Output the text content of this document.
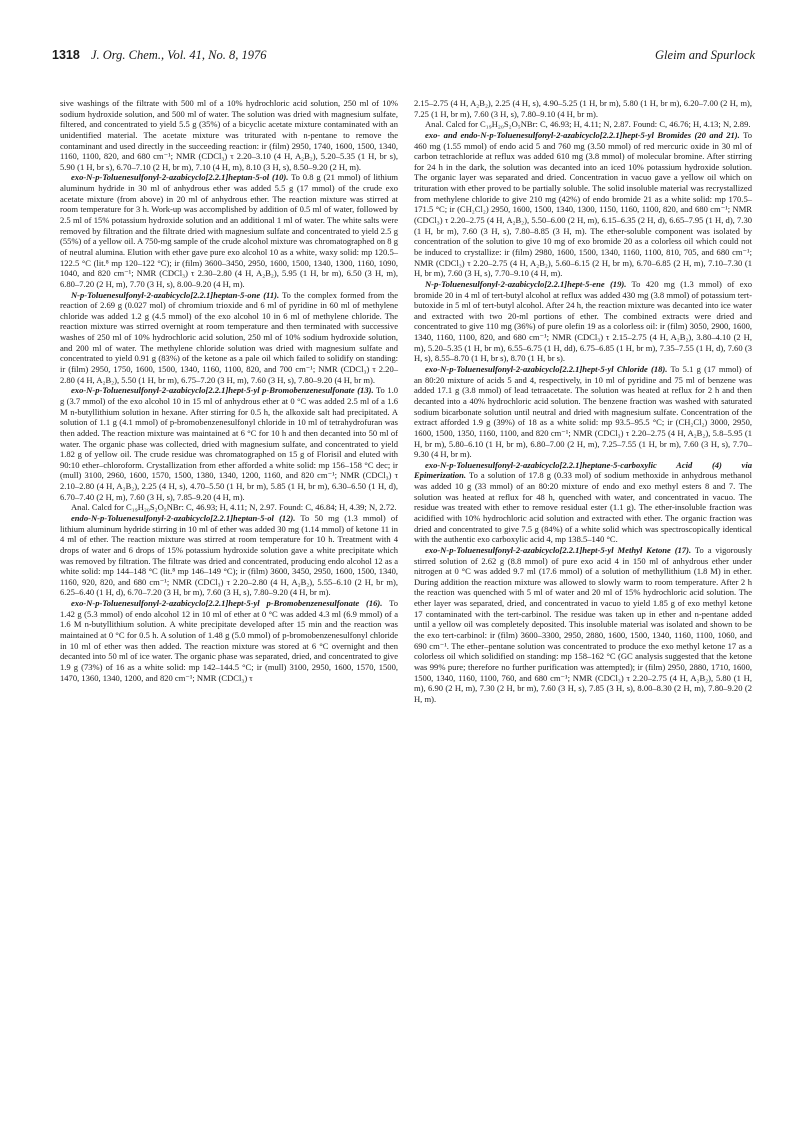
1318 J. Org. Chem., Vol. 41, No. 8, 1976	Gleim and Spurlock

sive washings of the filtrate with 500 ml of a 10% hydrochloric acid solution, 250 ml of 10% sodium hydroxide solution, and 500 ml of water. The solution was dried with magnesium sulfate, filtered, and concentrated to yield 5.5 g (35%) of a bicyclic acetate mixture contaminated with an unidentified material. The acetate mixture was triturated with n-pentane to remove the contaminant and used directly in the succeeding reaction: ir (film) 2950, 1740, 1600, 1500, 1340, 1160, 1100, 820, and 680 cm⁻¹; NMR (CDCl₃) τ 2.20–3.10 (4 H, A₂B₂), 5.20–5.35 (1 H, br s), 5.90 (1 H, br s), 6.70–7.10 (2 H, br m), 7.10 (4 H, m), 8.10 (3 H, s), 8.50–9.20 (2 H, m).

exo-N-p-Toluenesulfonyl-2-azabicyclo[2.2.1]heptan-5-ol (10). To 0.8 g (21 mmol) of lithium aluminum hydride in 30 ml of anhydrous ether was added 5.5 g (17 mmol) of the crude exo acetate mixture (from above) in 20 ml of anhydrous ether. The reaction mixture was stirred at room temperature for 3 h. Work-up was accomplished by addition of 0.5 ml of water, followed by 2.5 ml of 15% potassium hydroxide solution and an additional 1 ml of water. The white salts were removed by filtration and the filtrate dried with magnesium sulfate and concentrated to yield 2.5 g (55%) of a yellow oil. A 750-mg sample of the crude alcohol mixture was chromatographed on 8 g of neutral alumina. Elution with ether gave pure exo alcohol 10 as a white, waxy solid: mp 120.5–122.5 °C (lit.⁸ mp 120–122 °C); ir (film) 3600–3450, 2950, 1600, 1500, 1340, 1300, 1160, 1090, 1040, and 820 cm⁻¹; NMR (CDCl₃) τ 2.30–2.80 (4 H, A₂B₂), 5.95 (1 H, br m), 6.50 (3 H, m), 6.80–7.20 (2 H, m), 7.70 (3 H, s), 8.00–9.20 (4 H, m).

N-p-Toluenesulfonyl-2-azabicyclo[2.2.1]heptan-5-one (11). To the complex formed from the reaction of 2.69 g (0.027 mol) of chromium trioxide and 6 ml of pyridine in 60 ml of methylene chloride was added 1.2 g (4.5 mmol) of the exo alcohol 10 in 6 ml of methylene chloride. The reaction mixture was stirred overnight at room temperature and then terminated with successive washes of 250 ml of 10% hydrochloric acid solution, 250 ml of 10% sodium hydroxide solution, and 200 ml of water. The methylene chloride solution was dried with magnesium sulfate and concentrated to yield 0.91 g (83%) of the ketone as a pale oil which failed to solidify on standing: ir (film) 2950, 1750, 1600, 1500, 1340, 1160, 1100, 820, and 700 cm⁻¹; NMR (CDCl₃) τ 2.20–2.80 (4 H, A₂B₂), 5.50 (1 H, br m), 6.75–7.20 (3 H, m), 7.60 (3 H, s), 7.80–9.20 (4 H, br m).

exo-N-p-Toluenesulfonyl-2-azabicyclo[2.2.1]hept-5-yl p-Bromobenzenesulfonate (13). To 1.0 g (3.7 mmol) of the exo alcohol 10 in 15 ml of anhydrous ether at 0 °C was added 2.5 ml of a 1.6 M n-butyllithium solution in hexane. After stirring for 0.5 h, the alkoxide salt had precipitated. A solution of 1.1 g (4.1 mmol) of p-bromobenzenesulfonyl chloride in 10 ml of tetrahydrofuran was then added. The reaction mixture was maintained at 6 °C for 10 h and then decanted into 50 ml of water. The organic phase was collected, dried with magnesium sulfate, and concentrated to yield 1.82 g of yellow oil. The crude residue was chromatographed on 15 g of Florisil and eluted with 90:10 ether–chloroform. Crystallization from ether afforded a white solid: mp 156–158 °C dec; ir (mull) 3100, 2960, 1600, 1570, 1500, 1380, 1340, 1200, 1160, and 820 cm⁻¹; NMR (CDCl₃) τ 2.10–2.80 (4 H, A₂B₂), 2.25 (4 H, s), 4.70–5.50 (1 H, br m), 5.85 (1 H, br m), 6.30–6.50 (1 H, d), 6.70–7.40 (2 H, m), 7.60 (3 H, s), 7.85–9.20 (4 H, m).

Anal. Calcd for C₁₉H₂₀S₂O₅NBr: C, 46.93; H, 4.11; N, 2.97. Found: C, 46.84; H, 4.39; N, 2.72.

endo-N-p-Toluenesulfonyl-2-azabicyclo[2.2.1]heptan-5-ol (12). To 50 mg (1.3 mmol) of lithium aluminum hydride stirring in 10 ml of ether was added 30 mg (1.14 mmol) of ketone 11 in 4 ml of ether. The reaction mixture was stirred at room temperature for 10 h. Treatment with 4 drops of water and 6 drops of 15% potassium hydroxide solution gave a white precipitate which was removed by filtration. The filtrate was dried and concentrated, producing endo alcohol 12 as a white solid: mp 144–148 °C (lit.⁸ mp 146–149 °C); ir (film) 3600, 3450, 2950, 1600, 1500, 1340, 1160, 920, 820, and 680 cm⁻¹; NMR (CDCl₃) τ 2.20–2.80 (4 H, A₂B₂), 5.55–6.10 (2 H, br m), 6.25–6.40 (1 H, d), 6.70–7.20 (3 H, br m), 7.60 (3 H, s), 7.80–9.20 (4 H, br m).

exo-N-p-Toluenesulfonyl-2-azabicyclo[2.2.1]hept-5-yl p-Bromobenzenesulfonate (16). To 1.42 g (5.3 mmol) of endo alcohol 12 in 10 ml of ether at 0 °C was added 4.3 ml (6.9 mmol) of a 1.6 M n-butyllithium solution. A white precipitate developed after 15 min and the reaction was maintained at 0 °C for 0.5 h. A solution of 1.48 g (5.0 mmol) of p-bromobenzenesulfonyl chloride in 10 ml of ether was then added. The reaction mixture was stored at 6 °C overnight and then decanted into 50 ml of ice water. The organic phase was separated, dried, and concentrated to give 1.9 g (73%) of 16 as a white solid: mp 142–144.5 °C; ir (mull) 3100, 2950, 1600, 1570, 1500, 1470, 1360, 1340, 1200, and 820 cm⁻¹; NMR (CDCl₃) τ

2.15–2.75 (4 H, A₂B₂), 2.25 (4 H, s), 4.90–5.25 (1 H, br m), 5.80 (1 H, br m), 6.20–7.00 (2 H, m), 7.25 (1 H, br m), 7.60 (3 H, s), 7.80–9.10 (4 H, br m).

Anal. Calcd for C₁₉H₂₀S₂O₅NBr: C, 46.93; H, 4.11; N, 2.87. Found: C, 46.76; H, 4.13; N, 2.89.

exo- and endo-N-p-Toluenesulfonyl-2-azabicyclo[2.2.1]hept-5-yl Bromides (20 and 21). To 460 mg (1.55 mmol) of endo acid 5 and 760 mg (3.50 mmol) of red mercuric oxide in 30 ml of carbon tetrachloride at reflux was added 610 mg (3.8 mmol) of molecular bromine. After stirring for 24 h in the dark, the solution was decanted into an iced 10% potassium hydroxide solution. The organic layer was separated and dried. Concentration in vacuo gave a yellow oil which on trituration with ether proved to be partially soluble. The solid insoluble material was recrystallized from methylene chloride to give 210 mg (42%) of endo bromide 21 as a white solid: mp 170.5–171.5 °C; ir (CH₂Cl₂) 2950, 1600, 1500, 1340, 1300, 1150, 1160, 1100, 820, and 680 cm⁻¹; NMR (CDCl₃) τ 2.20–2.75 (4 H, A₂B₂), 5.50–6.00 (2 H, m), 6.15–6.35 (2 H, d), 6.65–7.95 (1 H, d), 7.30 (1 H, br m), 7.60 (3 H, s), 7.80–8.85 (3 H, m). The ether-soluble component was isolated by concentration of the solution to give 10 mg of exo bromide 20 as a colorless oil which could not be induced to crystallize: ir (film) 2980, 1600, 1500, 1340, 1160, 1100, 810, 705, and 680 cm⁻¹; NMR (CDCl₃) τ 2.20–2.75 (4 H, A₂B₂), 5.60–6.15 (2 H, br m), 6.70–6.85 (2 H, m), 7.10–7.30 (1 H, br m), 7.60 (3 H, s), 7.70–9.10 (4 H, m).

N-p-Toluenesulfonyl-2-azabicyclo[2.2.1]hept-5-ene (19). To 420 mg (1.3 mmol) of exo bromide 20 in 4 ml of tert-butyl alcohol at reflux was added 430 mg (3.8 mmol) of potassium tert-butoxide in 5 ml of tert-butyl alcohol. After 24 h, the reaction mixture was decanted into ice water and extracted with two 20-ml portions of ether. The combined extracts were dried and concentrated to give 110 mg (36%) of pure olefin 19 as a colorless oil: ir (film) 3050, 2900, 1600, 1340, 1160, 1100, 820, and 680 cm⁻¹; NMR (CDCl₃) τ 2.15–2.75 (4 H, A₂B₂), 3.80–4.10 (2 H, m), 5.20–5.35 (1 H, br m), 6.55–6.75 (1 H, dd), 6.75–6.85 (1 H, br m), 7.35–7.55 (1 H, d), 7.60 (3 H, s), 8.55–8.70 (1 H, br s), 8.70 (1 H, br s).

exo-N-p-Toluenesulfonyl-2-azabicyclo[2.2.1]hept-5-yl Chloride (18). To 5.1 g (17 mmol) of an 80:20 mixture of acids 5 and 4, respectively, in 10 ml of pyridine and 75 ml of benzene was added 17.1 g (3.8 mmol) of lead tetraacetate. The solution was heated at reflux for 2 h and then decanted into a 40% hydrochloric acid solution. The benzene fraction was washed with saturated sodium bicarbonate solution until neutral and dried with magnesium sulfate. Concentration of the extract afforded 1.9 g (39%) of 18 as a white solid: mp 93.5–95.5 °C; ir (CH₂Cl₂) 3000, 2950, 1600, 1500, 1350, 1160, 1100, and 820 cm⁻¹; NMR (CDCl₃) τ 2.20–2.75 (4 H, A₂B₂), 5.8–5.95 (1 H, br m), 5.80–6.10 (1 H, br m), 6.80–7.00 (2 H, m), 7.25–7.55 (1 H, br m), 7.60 (3 H, s), 7.70–9.30 (4 H, br m).

exo-N-p-Toluenesulfonyl-2-azabicyclo[2.2.1]heptane-5-carboxylic Acid (4) via Epimerization. To a solution of 17.8 g (0.33 mol) of sodium methoxide in anhydrous methanol was added 10 g (33 mmol) of an 80:20 mixture of endo and exo methyl esters 8 and 7. The solution was heated at reflux for 48 h, quenched with water, and concentrated in vacuo. The residue was treated with ether to remove residual ester (1.1 g). The ether-insoluble fraction was acidified with 10% hydrochloric acid solution and extracted with ether. The organic fraction was dried and concentrated to give 7.5 g (84%) of a white solid which was spectroscopically identical with the authentic exo carboxylic acid 4, mp 138.5–140 °C.

exo-N-p-Toluenesulfonyl-2-azabicyclo[2.2.1]hept-5-yl Methyl Ketone (17). To a vigorously stirred solution of 2.62 g (8.8 mmol) of pure exo acid 4 in 150 ml of anhydrous ether under nitrogen at 0 °C was added 9.7 ml (17.6 mmol) of a solution of methyllithium (1.8 M) in ether. During addition the reaction mixture was allowed to slowly warm to room temperature. After 2 h the reaction was quenched with 5 ml of water and 20 ml of 15% hydrochloric acid solution. The ether layer was separated, dried, and concentrated in vacuo to yield 1.85 g of exo methyl ketone 17 contaminated with the tert-carbinol. The residue was taken up in ether and n-pentane added until a yellow oil was completely deposited. This insoluble material was isolated and shown to be the exo tert-carbinol: ir (film) 3600–3300, 2950, 2880, 1600, 1500, 1340, 1160, 1100, 1060, and 690 cm⁻¹. The ether–pentane solution was concentrated to produce the exo methyl ketone 17 as a colorless oil which solidified on standing: mp 158–162 °C (GC analysis suggested that the ketone was 99% pure; therefore no further purification was attempted); ir (film) 2950, 2880, 1710, 1600, 1500, 1340, 1160, 1100, 760, and 680 cm⁻¹; NMR (CDCl₃) τ 2.20–2.75 (4 H, A₂B₂), 5.80 (1 H, m), 6.90 (2 H, m), 7.30 (2 H, br m), 7.60 (3 H, s), 7.85 (3 H, s), 8.00–8.30 (2 H, m), 7.80–9.20 (2 H, m).
